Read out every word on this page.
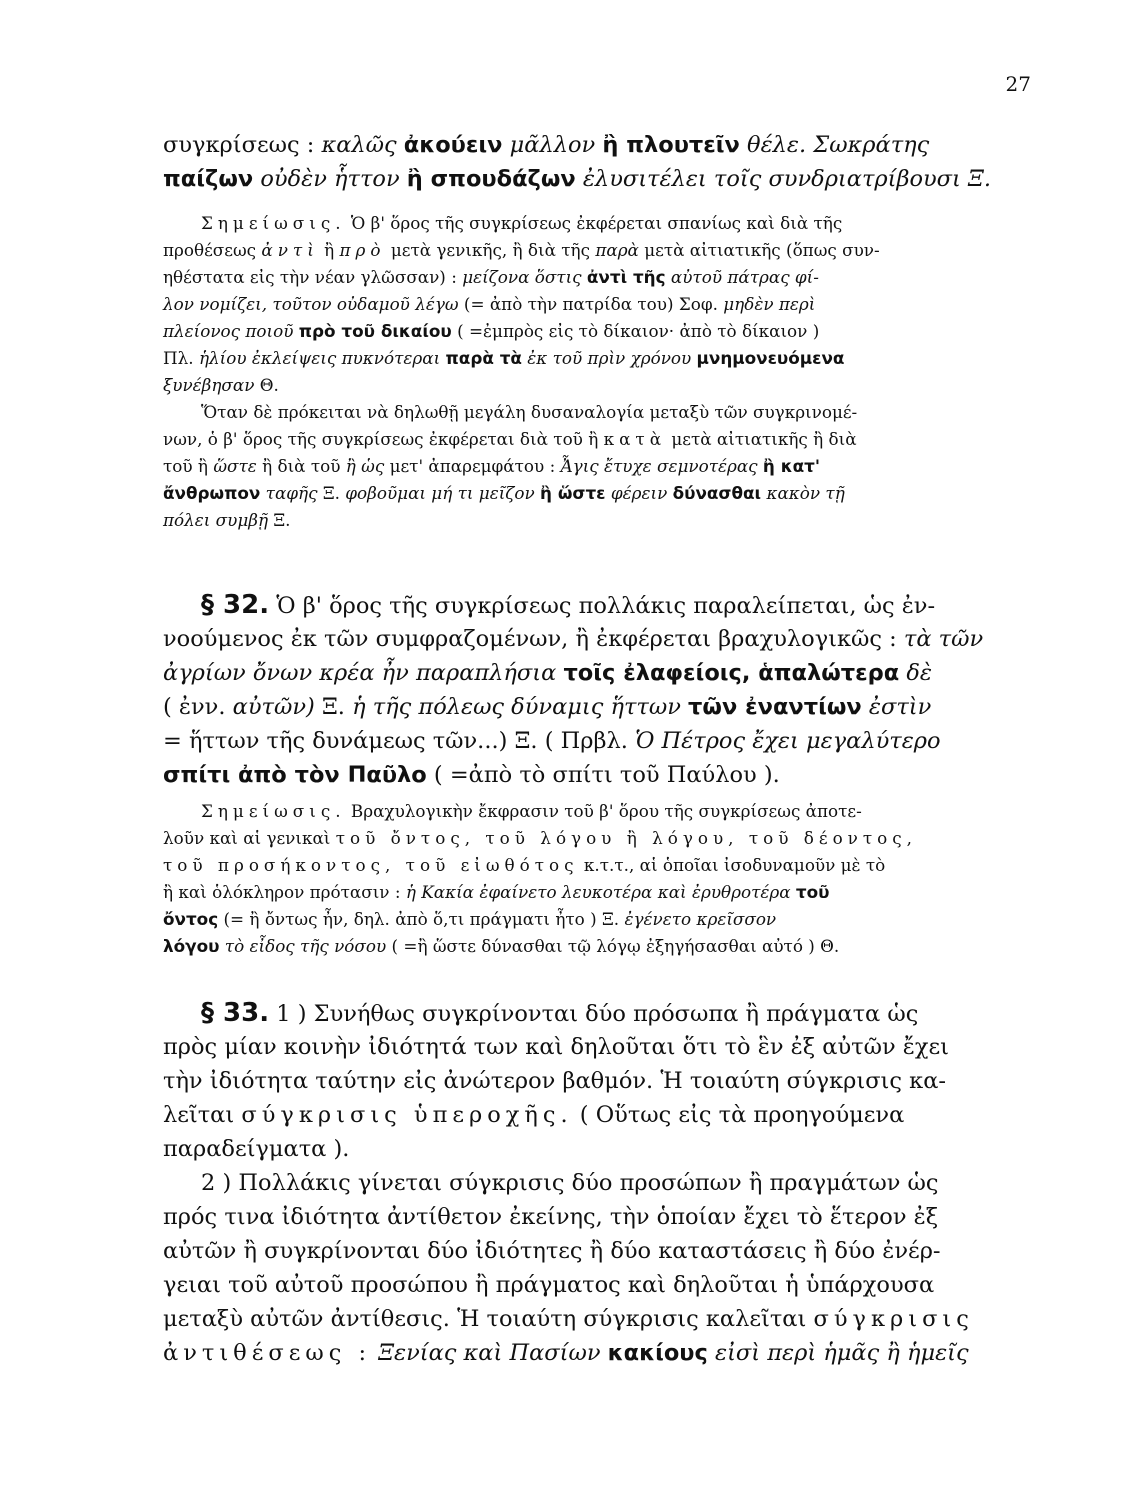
27
συγκρίσεως : καλῶς ἀκούειν μᾶλλον ἢ πλουτεῖν θέλε. Σωκράτης
παίζων οὐδὲν ἧττον ἢ σπουδάζων ἐλυσιτέλει τοῖς συνδριατρίβουσι Ξ.
Σημείωσις. Ὁ β' ὅρος τῆς συγκρίσεως ἐκφέρεται σπανίως καὶ διὰ τῆς
προθέσεως ἀντὶ ἢ πρὸ μετὰ γενικῆς, ἢ διὰ τῆς παρὰ μετὰ αἰτιατικῆς (ὅπως συν-
ηθέστατα εἰς τὴν νέαν γλῶσσαν) : μείζονα ὅστις ἀντὶ τῆς αὐτοῦ πάτρας φί-
λον νομίζει, τοῦτον οὐδαμοῦ λέγω (= ἀπὸ τὴν πατρίδα του) Σοφ. μηδὲν περὶ
πλείονος ποιοῦ πρὸ τοῦ δικαίου ( =ἐμπρὸς εἰς τὸ δίκαιον· ἀπὸ τὸ δίκαιον )
Πλ. ἡλίου ἐκλείψεις πυκνότεραι παρὰ τὰ ἐκ τοῦ πρὶν χρόνου μνημονευόμενα
ξυνέβησαν Θ.
Ὅταν δὲ πρόκειται νὰ δηλωθῇ μεγάλη δυσαναλογία μεταξὺ τῶν συγκρινομέ-
νων, ὁ β' ὅρος τῆς συγκρίσεως ἐκφέρεται διὰ τοῦ ἢ κατὰ μετὰ αἰτιατικῆς ἢ διὰ
τοῦ ἢ ὥστε ἢ διὰ τοῦ ἢ ὡς μετ' ἀπαρεμφάτου : Ἆγις ἔτυχε σεμνοτέρας ἢ κατ'
ἄνθρωπον ταφῆς Ξ. φοβοῦμαι μή τι μεῖζον ἢ ὥστε φέρειν δύνασθαι κακὸν τῇ
πόλει συμβῇ Ξ.
§ 32. Ὁ β' ὅρος τῆς συγκρίσεως πολλάκις παραλείπεται, ὡς ἐν-
νοούμενος ἐκ τῶν συμφραζομένων, ἢ ἐκφέρεται βραχυλογικῶς : τὰ τῶν
ἀγρίων ὄνων κρέα ἦν παραπλήσια τοῖς ἐλαφείοις, ἁπαλώτερα δὲ
( ἐνν. αὐτῶν) Ξ. ἡ τῆς πόλεως δύναμις ἥττων τῶν ἐναντίων ἐστὶν
= ἥττων τῆς δυνάμεως τῶν...) Ξ. ( Πρβλ. Ὁ Πέτρος ἔχει μεγαλύτερο
σπίτι ἀπὸ τὸν Παῦλο ( =ἀπὸ τὸ σπίτι τοῦ Παύλου ).
Σημείωσις. Βραχυλογικὴν ἔκφρασιν τοῦ β' ὅρου τῆς συγκρίσεως ἀποτε-
λοῦν καὶ αἱ γενικαὶ τοῦ ὄντος, τοῦ λόγου ἢ λόγου, τοῦ δέοντος,
τοῦ προσήκοντος, τοῦ εἰωθότος κ.τ.τ., αἱ ὁποῖαι ἰσοδυναμοῦν μὲ τὸ
ἢ καὶ ὁλόκληρον πρότασιν : ἡ Κακία ἐφαίνετο λευκοτέρα καὶ ἐρυθροτέρα τοῦ
ὄντος (= ἢ ὄντως ἦν, δηλ. ἀπὸ ὅ,τι πράγματι ἦτο ) Ξ. ἐγένετο κρεῖσσον
λόγου τὸ εἶδος τῆς νόσου ( =ἢ ὥστε δύνασθαι τῷ λόγῳ ἐξηγήσασθαι αὐτό ) Θ.
§ 33. 1 ) Συνήθως συγκρίνονται δύο πρόσωπα ἢ πράγματα ὡς
πρὸς μίαν κοινὴν ἰδιότητά των καὶ δηλοῦται ὅτι τὸ ἓν ἐξ αὐτῶν ἔχει
τὴν ἰδιότητα ταύτην εἰς ἀνώτερον βαθμόν. Ἡ τοιαύτη σύγκρισις κα-
λεῖται σύγκρισις ὑπεροχῆς. ( Οὕτως εἰς τὰ προηγούμενα
παραδείγματα ).
2 ) Πολλάκις γίνεται σύγκρισις δύο προσώπων ἢ πραγμάτων ὡς
πρός τινα ἰδιότητα ἀντίθετον ἐκείνης, τὴν ὁποίαν ἔχει τὸ ἕτερον ἐξ
αὐτῶν ἢ συγκρίνονται δύο ἰδιότητες ἢ δύο καταστάσεις ἢ δύο ἐνέρ-
γειαι τοῦ αὐτοῦ προσώπου ἢ πράγματος καὶ δηλοῦται ἡ ὑπάρχουσα
μεταξὺ αὐτῶν ἀντίθεσις. Ἡ τοιαύτη σύγκρισις καλεῖται σύγκρισις
ἀντιθέσεως : Ξενίας καὶ Πασίων κακίους εἰσὶ περὶ ἡμᾶς ἢ ἡμεῖς
